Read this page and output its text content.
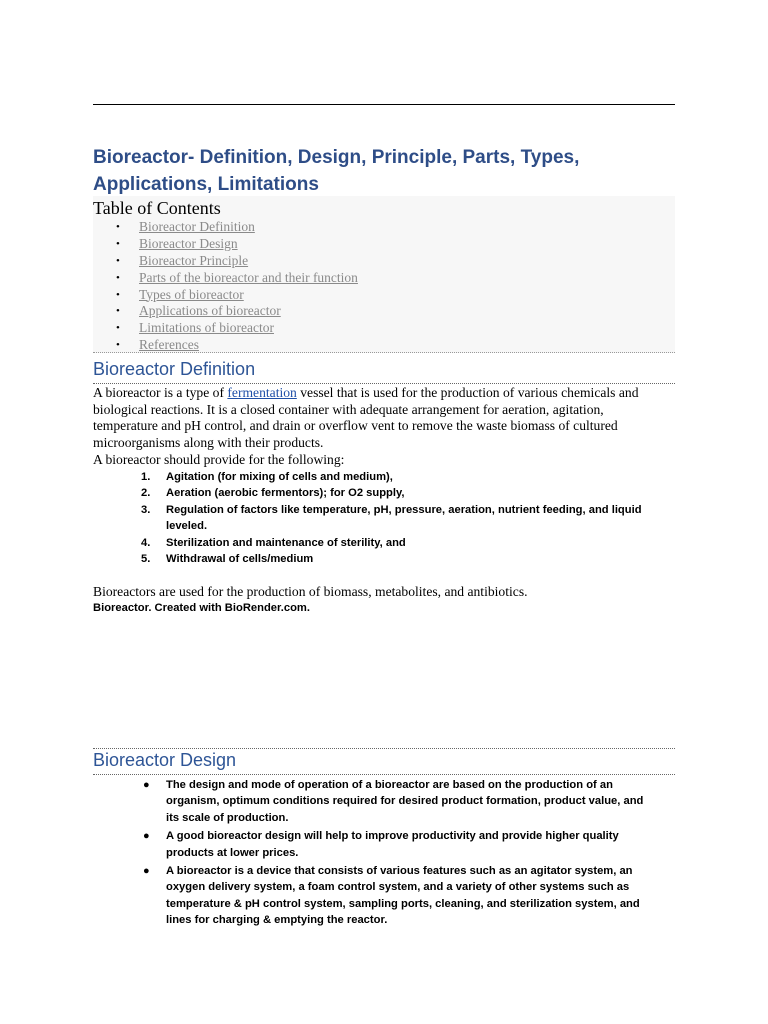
Bioreactor- Definition, Design, Principle, Parts, Types, Applications, Limitations
Table of Contents
• Bioreactor Definition
• Bioreactor Design
• Bioreactor Principle
• Parts of the bioreactor and their function
• Types of bioreactor
• Applications of bioreactor
• Limitations of bioreactor
• References
Bioreactor Definition

A bioreactor is a type of fermentation vessel that is used for the production of various chemicals and biological reactions. It is a closed container with adequate arrangement for aeration, agitation, temperature and pH control, and drain or overflow vent to remove the waste biomass of cultured microorganisms along with their products.

A bioreactor should provide for the following:

1. Agitation (for mixing of cells and medium),
2. Aeration (aerobic fermentors); for O2 supply,
3. Regulation of factors like temperature, pH, pressure, aeration, nutrient feeding, and liquid leveled.
4. Sterilization and maintenance of sterility, and
5. Withdrawal of cells/medium

Bioreactors are used for the production of biomass, metabolites, and antibiotics.

Bioreactor. Created with BioRender.com.

Bioreactor Design
● The design and mode of operation of a bioreactor are based on the production of an organism, optimum conditions required for desired product formation, product value, and its scale of production.
● A good bioreactor design will help to improve productivity and provide higher quality products at lower prices.
● A bioreactor is a device that consists of various features such as an agitator system, an oxygen delivery system, a foam control system, and a variety of other systems such as temperature & pH control system, sampling ports, cleaning, and sterilization system, and lines for charging & emptying the reactor.
